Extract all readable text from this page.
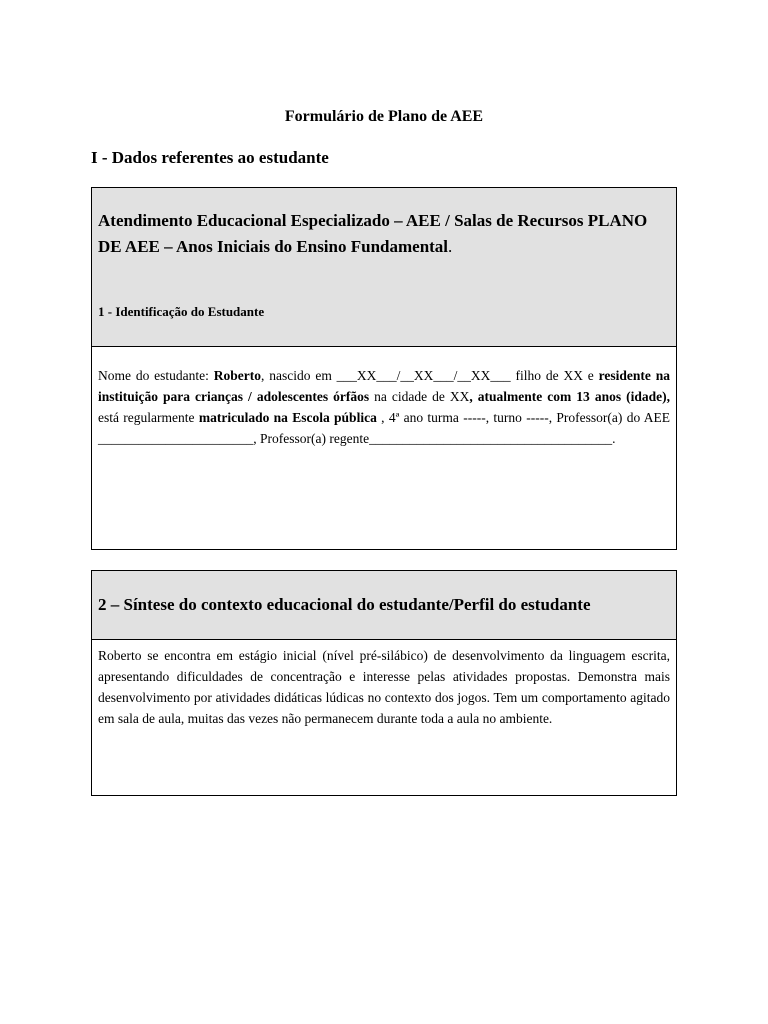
Formulário de Plano de AEE
I - Dados referentes ao estudante
Atendimento Educacional Especializado – AEE / Salas de Recursos PLANO DE AEE – Anos Iniciais do Ensino Fundamental.
1 - Identificação do Estudante
Nome do estudante: Roberto, nascido em ___XX___/__XX___/__XX___ filho de XX e residente na instituição para crianças / adolescentes órfãos na cidade de XX, atualmente com 13 anos (idade), está regularmente matriculado na Escola pública , 4ª ano turma -----, turno -----, Professor(a) do AEE _______________________, Professor(a) regente____________________________________.
2 – Síntese do contexto educacional do estudante/Perfil do estudante
Roberto se encontra em estágio inicial (nível pré-silábico) de desenvolvimento da linguagem escrita, apresentando dificuldades de concentração e interesse pelas atividades propostas. Demonstra mais desenvolvimento por atividades didáticas lúdicas no contexto dos jogos. Tem um comportamento agitado em sala de aula, muitas das vezes não permanecem durante toda a aula no ambiente.
